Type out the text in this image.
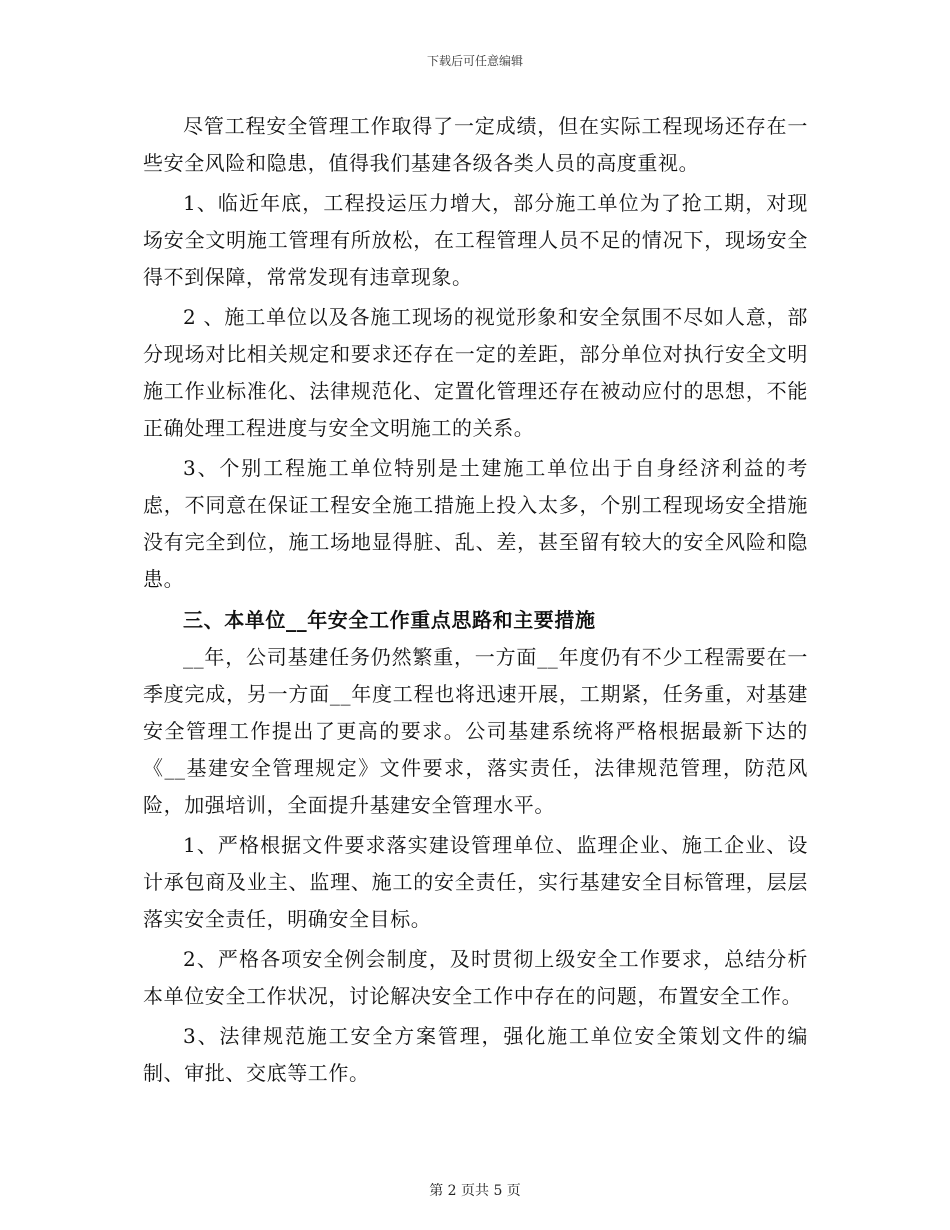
下载后可任意编辑

尽管工程安全管理工作取得了一定成绩，但在实际工程现场还存在一些安全风险和隐患，值得我们基建各级各类人员的高度重视。

1、临近年底，工程投运压力增大，部分施工单位为了抢工期，对现场安全文明施工管理有所放松，在工程管理人员不足的情况下，现场安全得不到保障，常常发现有违章现象。

2 、施工单位以及各施工现场的视觉形象和安全氛围不尽如人意，部分现场对比相关规定和要求还存在一定的差距，部分单位对执行安全文明施工作业标准化、法律规范化、定置化管理还存在被动应付的思想，不能正确处理工程进度与安全文明施工的关系。

3、个别工程施工单位特别是土建施工单位出于自身经济利益的考虑，不同意在保证工程安全施工措施上投入太多，个别工程现场安全措施没有完全到位，施工场地显得脏、乱、差，甚至留有较大的安全风险和隐患。

三、本单位__年安全工作重点思路和主要措施

__年，公司基建任务仍然繁重，一方面__年度仍有不少工程需要在一季度完成，另一方面__年度工程也将迅速开展，工期紧，任务重，对基建安全管理工作提出了更高的要求。公司基建系统将严格根据最新下达的《__基建安全管理规定》文件要求，落实责任，法律规范管理，防范风险，加强培训，全面提升基建安全管理水平。

1、严格根据文件要求落实建设管理单位、监理企业、施工企业、设计承包商及业主、监理、施工的安全责任，实行基建安全目标管理，层层落实安全责任，明确安全目标。

2、严格各项安全例会制度，及时贯彻上级安全工作要求，总结分析本单位安全工作状况，讨论解决安全工作中存在的问题，布置安全工作。

3、法律规范施工安全方案管理，强化施工单位安全策划文件的编制、审批、交底等工作。

第 2 页共 5 页
